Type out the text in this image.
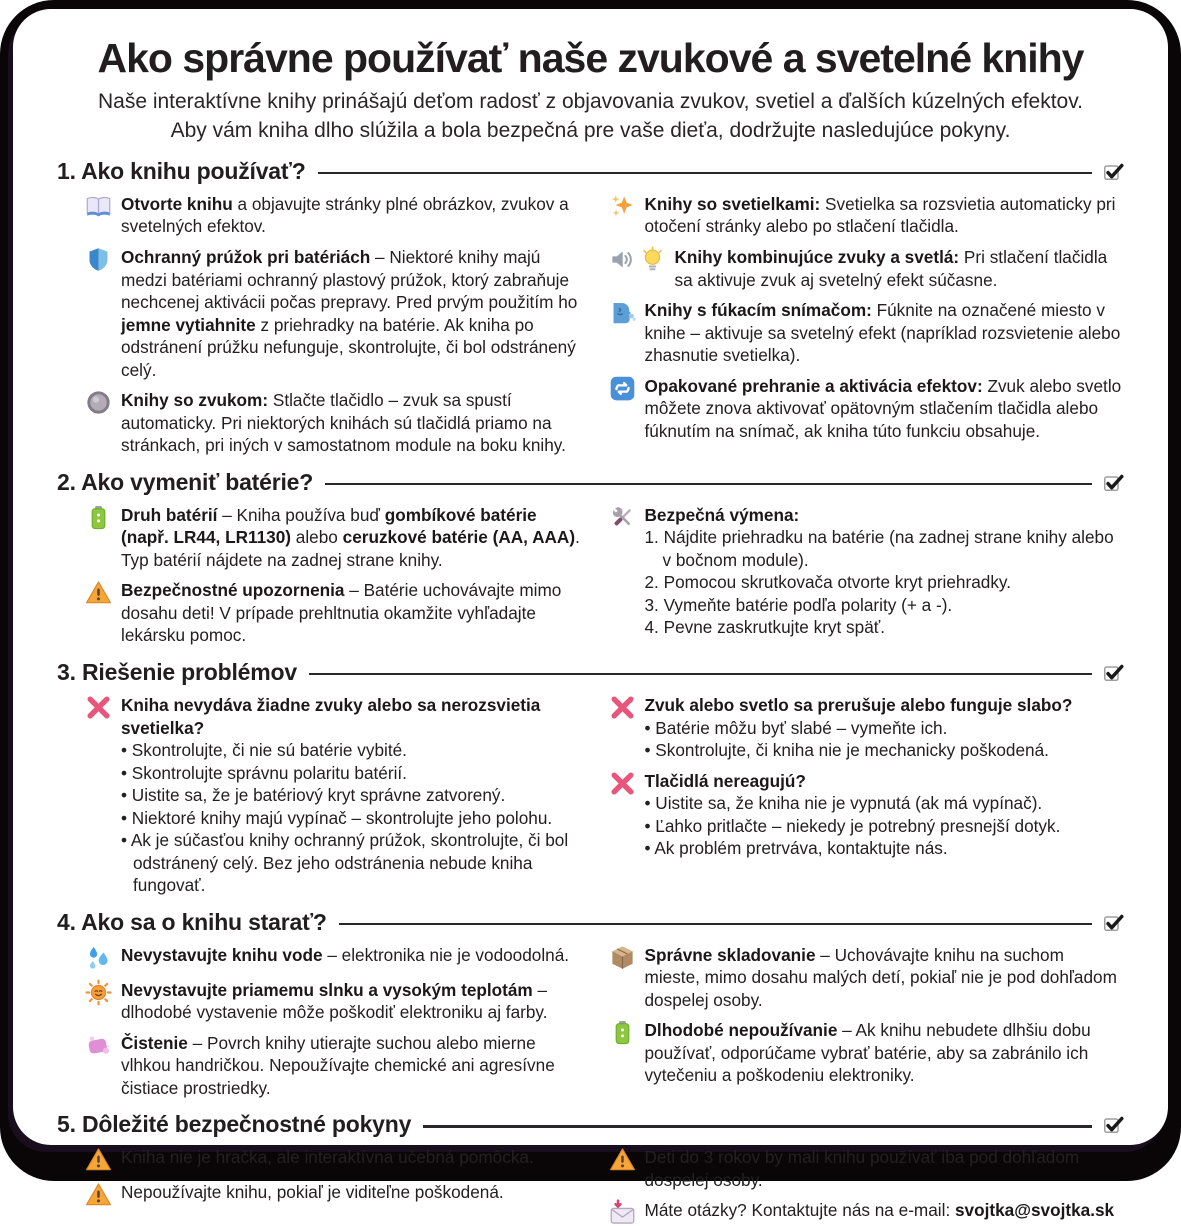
Ako správne používať naše zvukové a svetelné knihy
Naše interaktívne knihy prinášajú deťom radosť z objavovania zvukov, svetiel a ďalších kúzelných efektov.
Aby vám kniha dlho slúžila a bola bezpečná pre vaše dieťa, dodržujte nasledujúce pokyny.
1. Ako knihu používať?
Otvorte knihu a objavujte stránky plné obrázkov, zvukov a svetelných efektov.
Ochranný prúžok pri batériách – Niektoré knihy majú medzi batériami ochranný plastový prúžok, ktorý zabraňuje nechcenej aktivácii počas prepravy. Pred prvým použitím ho jemne vytiahnite z priehradky na batérie. Ak kniha po odstránení prúžku nefunguje, skontrolujte, či bol odstránený celý.
Knihy so zvukom: Stlačte tlačidlo – zvuk sa spustí automaticky. Pri niektorých knihách sú tlačidlá priamo na stránkach, pri iných v samostatnom module na boku knihy.
Knihy so svetielkami: Svetielka sa rozsvietia automaticky pri otočení stránky alebo po stlačení tlačidla.
Knihy kombinujúce zvuky a svetlá: Pri stlačení tlačidla sa aktivuje zvuk aj svetelný efekt súčasne.
Knihy s fúkacím snímačom: Fúknite na označené miesto v knihe – aktivuje sa svetelný efekt (napríklad rozsvietenie alebo zhasnutie svetielka).
Opakované prehranie a aktivácia efektov: Zvuk alebo svetlo môžete znova aktivovať opätovným stlačením tlačidla alebo fúknutím na snímač, ak kniha túto funkciu obsahuje.
2. Ako vymeniť batérie?
Druh batérií – Kniha používa buď gombíkové batérie (např. LR44, LR1130) alebo ceruzkové batérie (AA, AAA). Typ batérií nájdete na zadnej strane knihy.
Bezpečnostné upozornenia – Batérie uchovávajte mimo dosahu deti! V prípade prehltnutia okamžite vyhľadajte lekársku pomoc.
Bezpečná výmena:
1. Nájdite priehradku na batérie (na zadnej strane knihy alebo v bočnom module).
2. Pomocou skrutkovača otvorte kryt priehradky.
3. Vymeňte batérie podľa polarity (+ a -).
4. Pevne zaskrutkujte kryt späť.
3. Riešenie problémov
Kniha nevydáva žiadne zvuky alebo sa nerozsvietia svetielka?
• Skontrolujte, či nie sú batérie vybité.
• Skontrolujte správnu polaritu batérií.
• Uistite sa, že je batériový kryt správne zatvorený.
• Niektoré knihy majú vypínač – skontrolujte jeho polohu.
• Ak je súčasťou knihy ochranný prúžok, skontrolujte, či bol odstránený celý. Bez jeho odstránenia nebude kniha fungovať.
Zvuk alebo svetlo sa prerušuje alebo funguje slabo?
• Batérie môžu byť slabé – vymeňte ich.
• Skontrolujte, či kniha nie je mechanicky poškodená.
Tlačidlá nereagujú?
• Uistite sa, že kniha nie je vypnutá (ak má vypínač).
• Ľahko pritlačte – niekedy je potrebný presnejší dotyk.
• Ak problém pretrváva, kontaktujte nás.
4. Ako sa o knihu starať?
Nevystavujte knihu vode – elektronika nie je vodoodolná.
Nevystavujte priamemu slnku a vysokým teplotám – dlhodobé vystavenie môže poškodiť elektroniku aj farby.
Čistenie – Povrch knihy utierajte suchou alebo mierne vlhkou handričkou. Nepoužívajte chemické ani agresívne čistiace prostriedky.
Správne skladovanie – Uchovávajte knihu na suchom mieste, mimo dosahu malých detí, pokiaľ nie je pod dohľadom dospelej osoby.
Dlhodobé nepoužívanie – Ak knihu nebudete dlhšiu dobu používať, odporúčame vybrať batérie, aby sa zabránilo ich vytečeniu a poškodeniu elektroniky.
5. Dôležité bezpečnostné pokyny
Kniha nie je hračka, ale interaktívna učebná pomôcka.
Nepoužívajte knihu, pokiaľ je viditeľne poškodená.
Deti do 3 rokov by mali knihu používať iba pod dohľadom dospelej osoby.
Máte otázky? Kontaktujte nás na e-mail: svojtka@svojtka.sk
